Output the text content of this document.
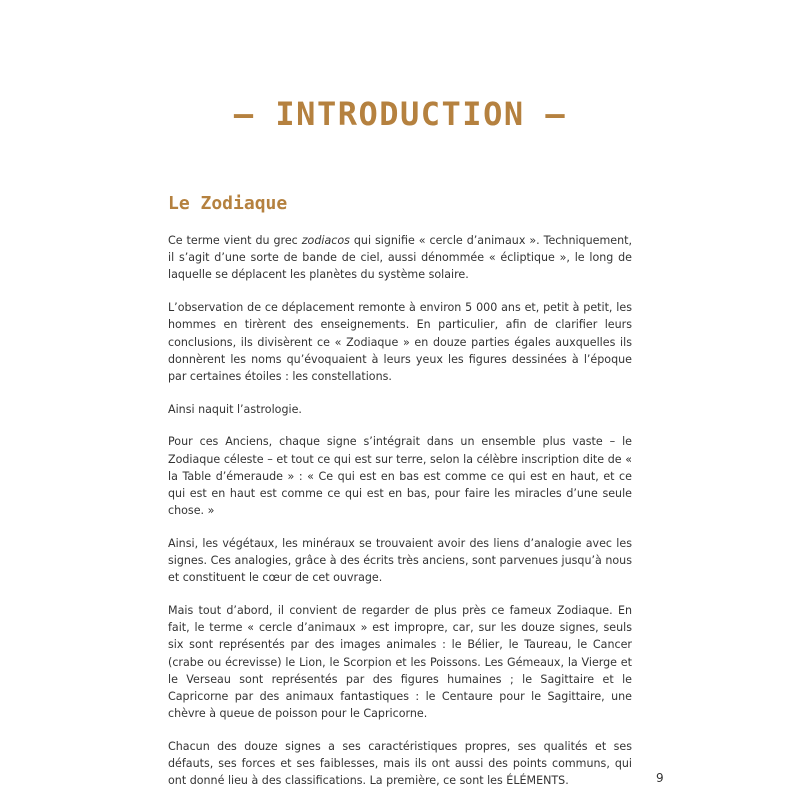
— INTRODUCTION —
Le Zodiaque

Ce terme vient du grec zodiacos qui signifie « cercle d’animaux ». Techniquement, il s’agit d’une sorte de bande de ciel, aussi dénommée « écliptique », le long de laquelle se déplacent les planètes du système solaire.

L’observation de ce déplacement remonte à environ 5 000 ans et, petit à petit, les hommes en tirèrent des enseignements. En particulier, afin de clarifier leurs conclusions, ils divisèrent ce « Zodiaque » en douze parties égales auxquelles ils donnèrent les noms qu’évoquaient à leurs yeux les figures dessinées à l’époque par certaines étoiles : les constellations.

Ainsi naquit l’astrologie.

Pour ces Anciens, chaque signe s’intégrait dans un ensemble plus vaste – le Zodiaque céleste – et tout ce qui est sur terre, selon la célèbre inscription dite de « la Table d’émeraude » : « Ce qui est en bas est comme ce qui est en haut, et ce qui est en haut est comme ce qui est en bas, pour faire les miracles d’une seule chose. »

Ainsi, les végétaux, les minéraux se trouvaient avoir des liens d’analogie avec les signes. Ces analogies, grâce à des écrits très anciens, sont parvenues jusqu’à nous et constituent le cœur de cet ouvrage.

Mais tout d’abord, il convient de regarder de plus près ce fameux Zodiaque. En fait, le terme « cercle d’animaux » est impropre, car, sur les douze signes, seuls six sont représentés par des images animales : le Bélier, le Taureau, le Cancer (crabe ou écrevisse) le Lion, le Scorpion et les Poissons. Les Gémeaux, la Vierge et le Verseau sont représentés par des figures humaines ; le Sagittaire et le Capricorne par des animaux fantastiques : le Centaure pour le Sagittaire, une chèvre à queue de poisson pour le Capricorne.

Chacun des douze signes a ses caractéristiques propres, ses qualités et ses défauts, ses forces et ses faiblesses, mais ils ont aussi des points communs, qui ont donné lieu à des classifications. La première, ce sont les ÉLÉMENTS.	9
